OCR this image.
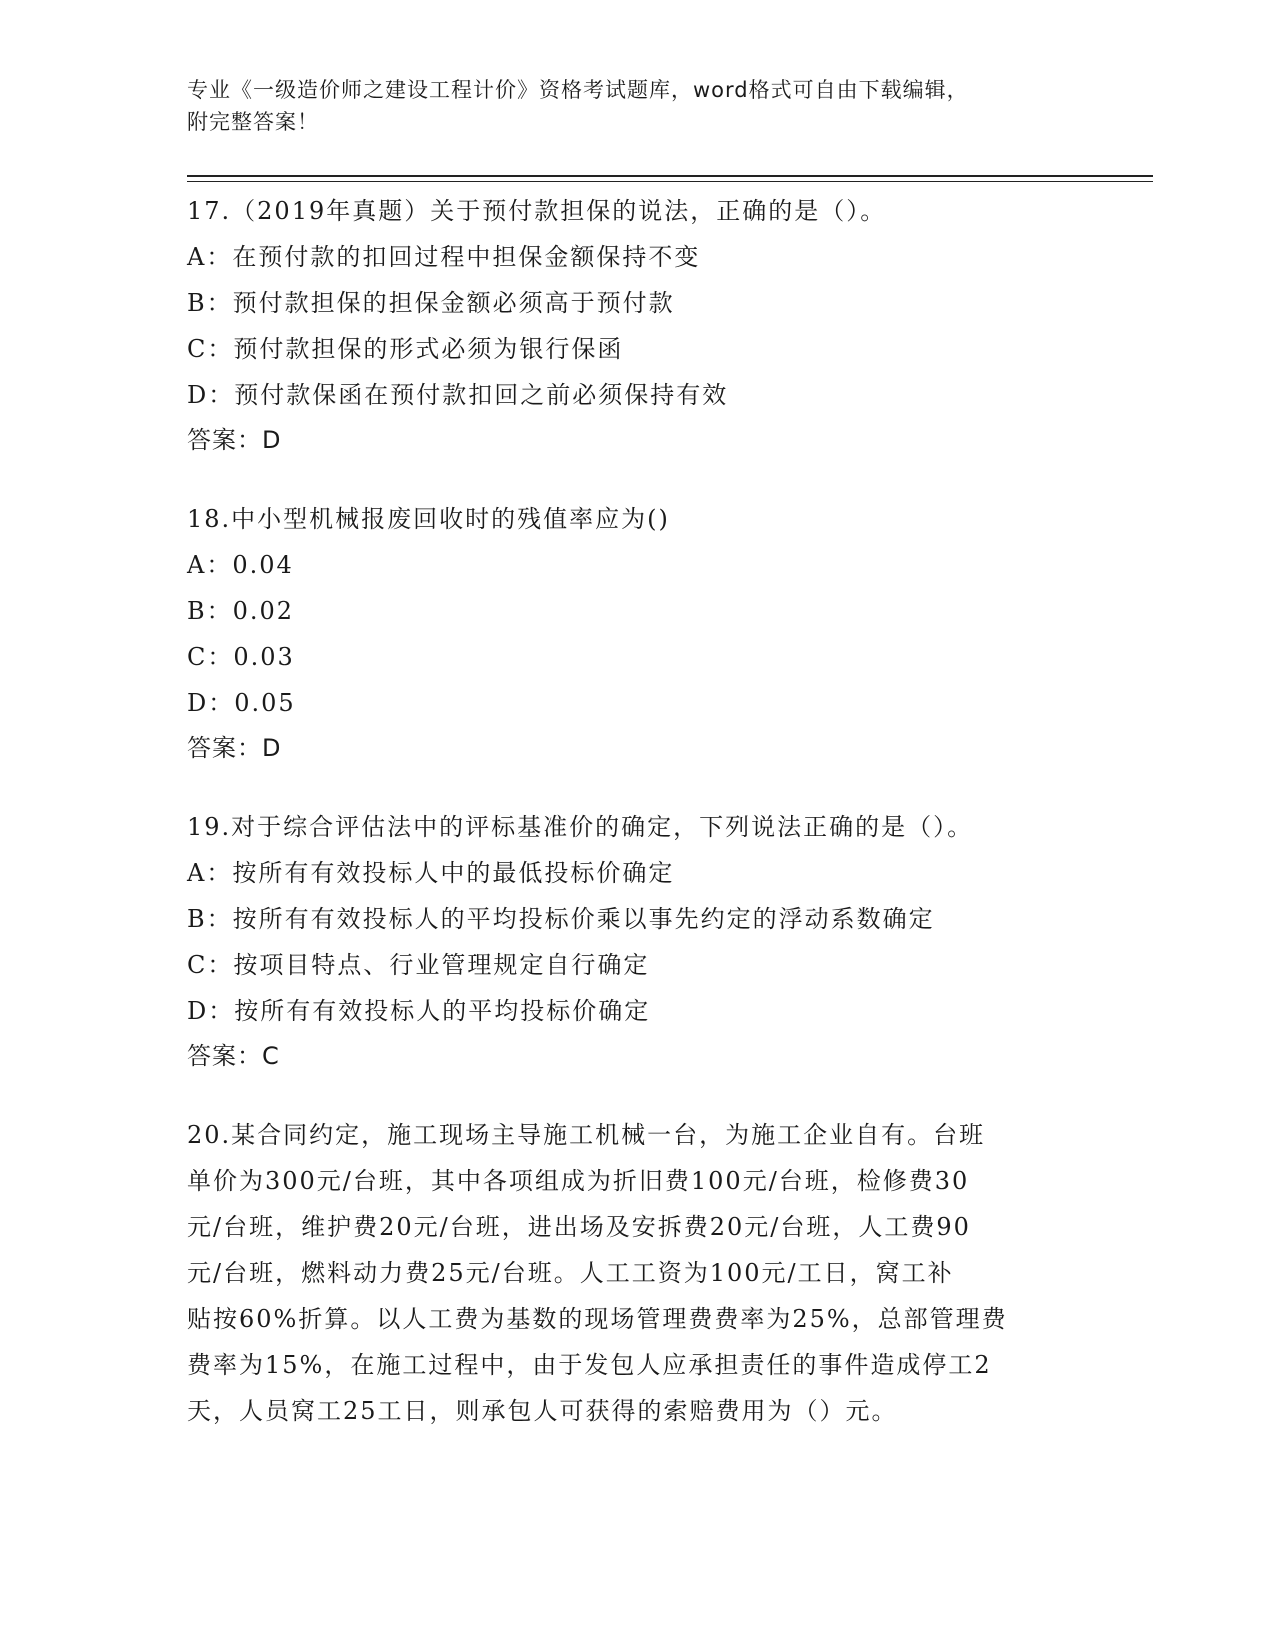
专业《一级造价师之建设工程计价》资格考试题库，word格式可自由下载编辑，
附完整答案！
17.（2019年真题）关于预付款担保的说法，正确的是（）。
A：在预付款的扣回过程中担保金额保持不变
B：预付款担保的担保金额必须高于预付款
C：预付款担保的形式必须为银行保函
D：预付款保函在预付款扣回之前必须保持有效
答案：D
18.中小型机械报废回收时的残值率应为()
A：0.04
B：0.02
C：0.03
D：0.05
答案：D
19.对于综合评估法中的评标基准价的确定，下列说法正确的是（）。
A：按所有有效投标人中的最低投标价确定
B：按所有有效投标人的平均投标价乘以事先约定的浮动系数确定
C：按项目特点、行业管理规定自行确定
D：按所有有效投标人的平均投标价确定
答案：C
20.某合同约定，施工现场主导施工机械一台，为施工企业自有。台班
单价为300元/台班，其中各项组成为折旧费100元/台班，检修费30
元/台班，维护费20元/台班，进出场及安拆费20元/台班，人工费90
元/台班，燃料动力费25元/台班。人工工资为100元/工日，窝工补
贴按60%折算。以人工费为基数的现场管理费费率为25%，总部管理费
费率为15%，在施工过程中，由于发包人应承担责任的事件造成停工2
天，人员窝工25工日，则承包人可获得的索赔费用为（）元。
